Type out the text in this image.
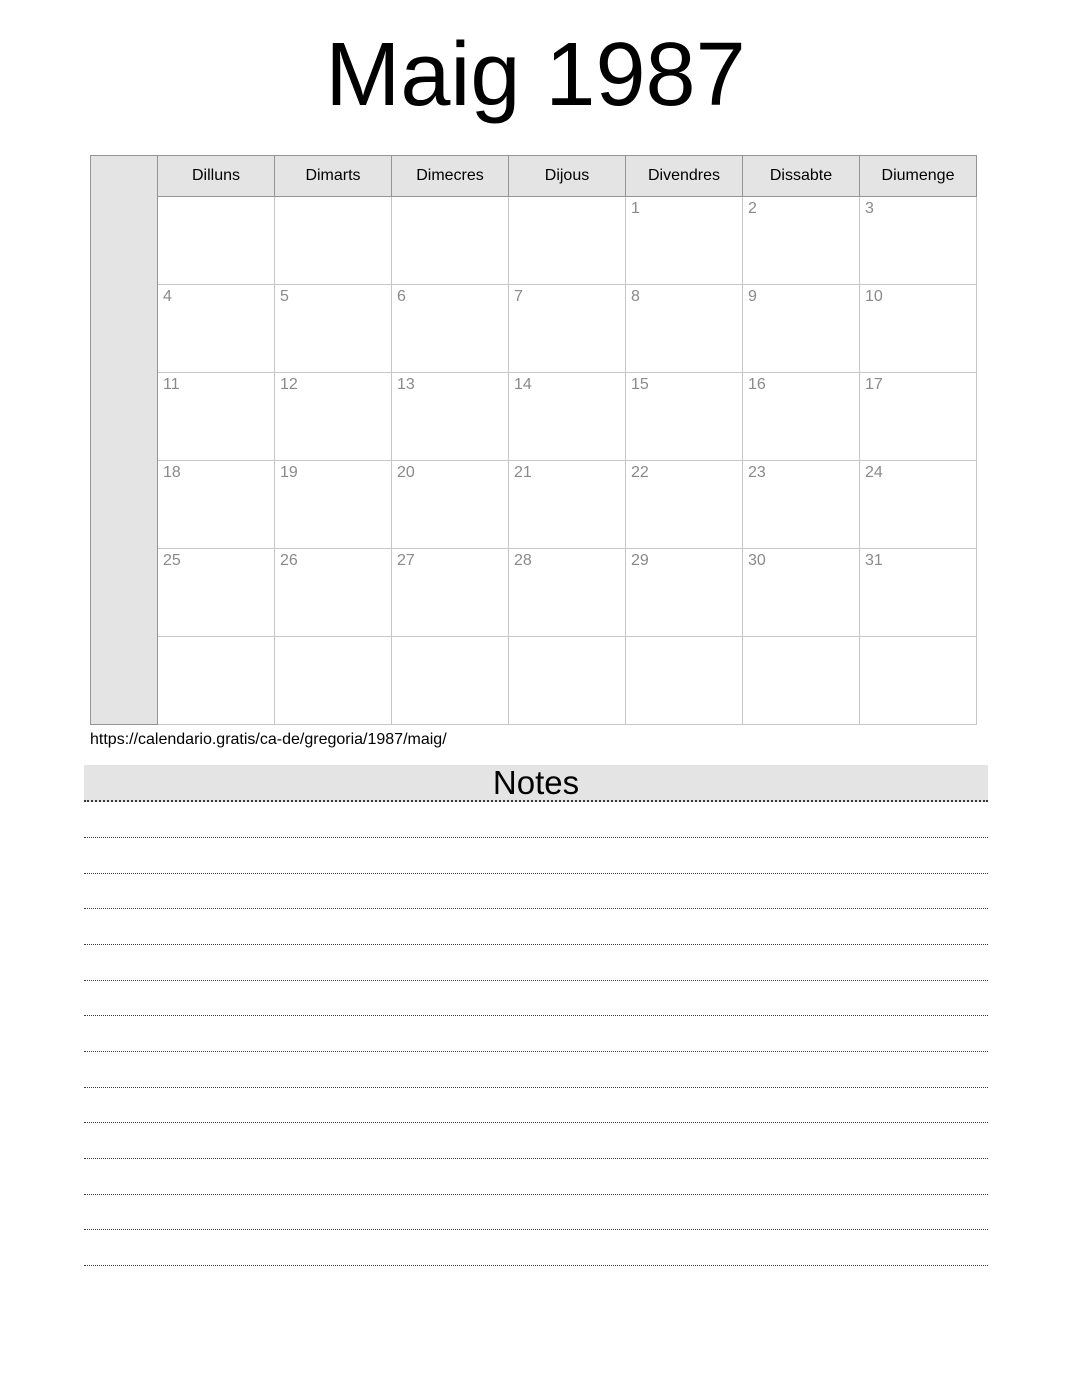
Maig 1987
	Dilluns	Dimarts	Dimecres	Dijous	Divendres	Dissabte	Diumenge
					1	2	3
	4	5	6	7	8	9	10
	11	12	13	14	15	16	17
	18	19	20	21	22	23	24
	25	26	27	28	29	30	31

https://calendario.gratis/ca-de/gregoria/1987/maig/
Notes
